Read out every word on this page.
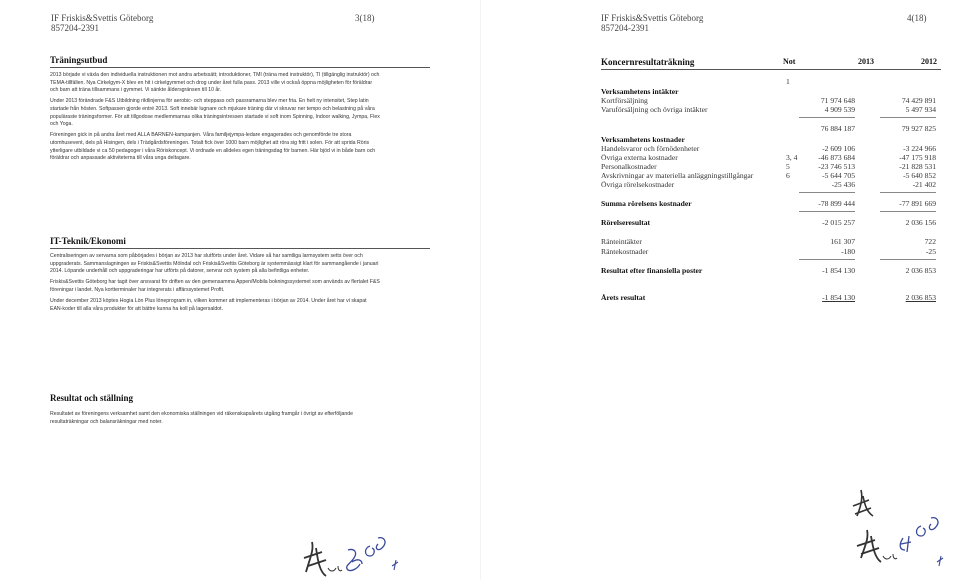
IF Friskis&Svettis Göteborg
857204-2391
3(18)
Träningsutbud

2013 började vi växla den individuella instruktionen mot andra arbetssätt; introduktioner, TMI (träna med instruktör), TI (tillgänglig instruktör) och TEMA-tillfällen. Nya Cirkelgym-X blev en hit i cirkelgymmet och drog under året fulla pass. 2013 ville vi också öppna möjligheten för föräldrar och barn att träna tillsammans i gymmet. Vi sänkte åldersgränsen till 10 år.

Under 2013 förändrade F&S Utbildning riktlinjerna för aerobic- och steppass och passramarna blev mer fria. En helt ny intensitet, Step latin startade från hösten. Softpassen gjorde entré 2013. Soft innebär lugnare och mjukare träning där vi skruvar ner tempo och belastning på våra populäraste träningsformer. För att tillgodose medlemmarnas olika träningsintressen startade vi soft inom Spinning, Indoor walking, Jympa, Flex och Yoga.

Föreningen gick in på andra året med ALLA BARNEN-kampanjen. Våra familjejympa-ledare engagerades och genomförde tre stora utomhusevent, dels på Hisingen, dels i Trädgårdsföreningen. Totalt fick över 1000 barn möjlighet att röra sig fritt i solen. För att sprida Röris ytterligare utbildade vi ca 50 pedagoger i våra Röriskoncept. Vi ordnade en alldeles egen träningsdag för barnen. Här bjöd vi in både barn och föräldrar och anpassade aktiviteterna till våra unga deltagare.

IT-Teknik/Ekonomi

Centraliseringen av servarna som påbörjades i början av 2013 har slutförts under året. Vidare så har samtliga larmsystem setts över och uppgraderats. Sammanslagningen av Friskis&Svettis Mölndal och Friskis&Svettis Göteborg är systemmässigt klart för sammangående i januari 2014. Löpande underhåll och uppgraderingar har utförts på datorer, servrar och system på alla befintliga enheter.

Friskis&Svettis Göteborg har tagit över ansvarat för driften av den gemensamma Appen/Mobila bokningssystemet som används av flertalet F&S föreningar i landet. Nya kortterminaler har integrerats i affärssystemet Profit.

Under december 2013 köptes Hogia Lön Plus löneprogram in, vilken kommer att implementeras i början av 2014. Under året har vi skapat EAN-koder till alla våra produkter för att bättre kunna ha koll på lagersaldot.

Resultat och ställning

Resultatet av föreningens verksamhet samt den ekonomiska ställningen vid räkenskapsårets utgång framgår i övrigt av efterföljande resultaträkningar och balansräkningar med noter.

IF Friskis&Svettis Göteborg
857204-2391
4(18)
Koncernresultaträkning	Not	2013	2012
1
Verksamhetens intäkter
Kortförsäljning	71 974 648	74 429 891
Varuförsäljning och övriga intäkter	4 909 539	5 497 934
76 884 187	79 927 825
Verksamhetens kostnader
Handelsvaror och förnödenheter	-2 609 106	-3 224 966
Övriga externa kostnader	3, 4	-46 873 684	-47 175 918
Personalkostnader	5	-23 746 513	-21 828 531
Avskrivningar av materiella anläggningstillgångar	6	-5 644 705	-5 640 852
Övriga rörelsekostnader	-25 436	-21 402
Summa rörelsens kostnader	-78 899 444	-77 891 669
Rörelseresultat	-2 015 257	2 036 156
Ränteintäkter	161 307	722
Räntekostnader	-180	-25
Resultat efter finansiella poster	-1 854 130	2 036 853
Årets resultat	-1 854 130	2 036 853
